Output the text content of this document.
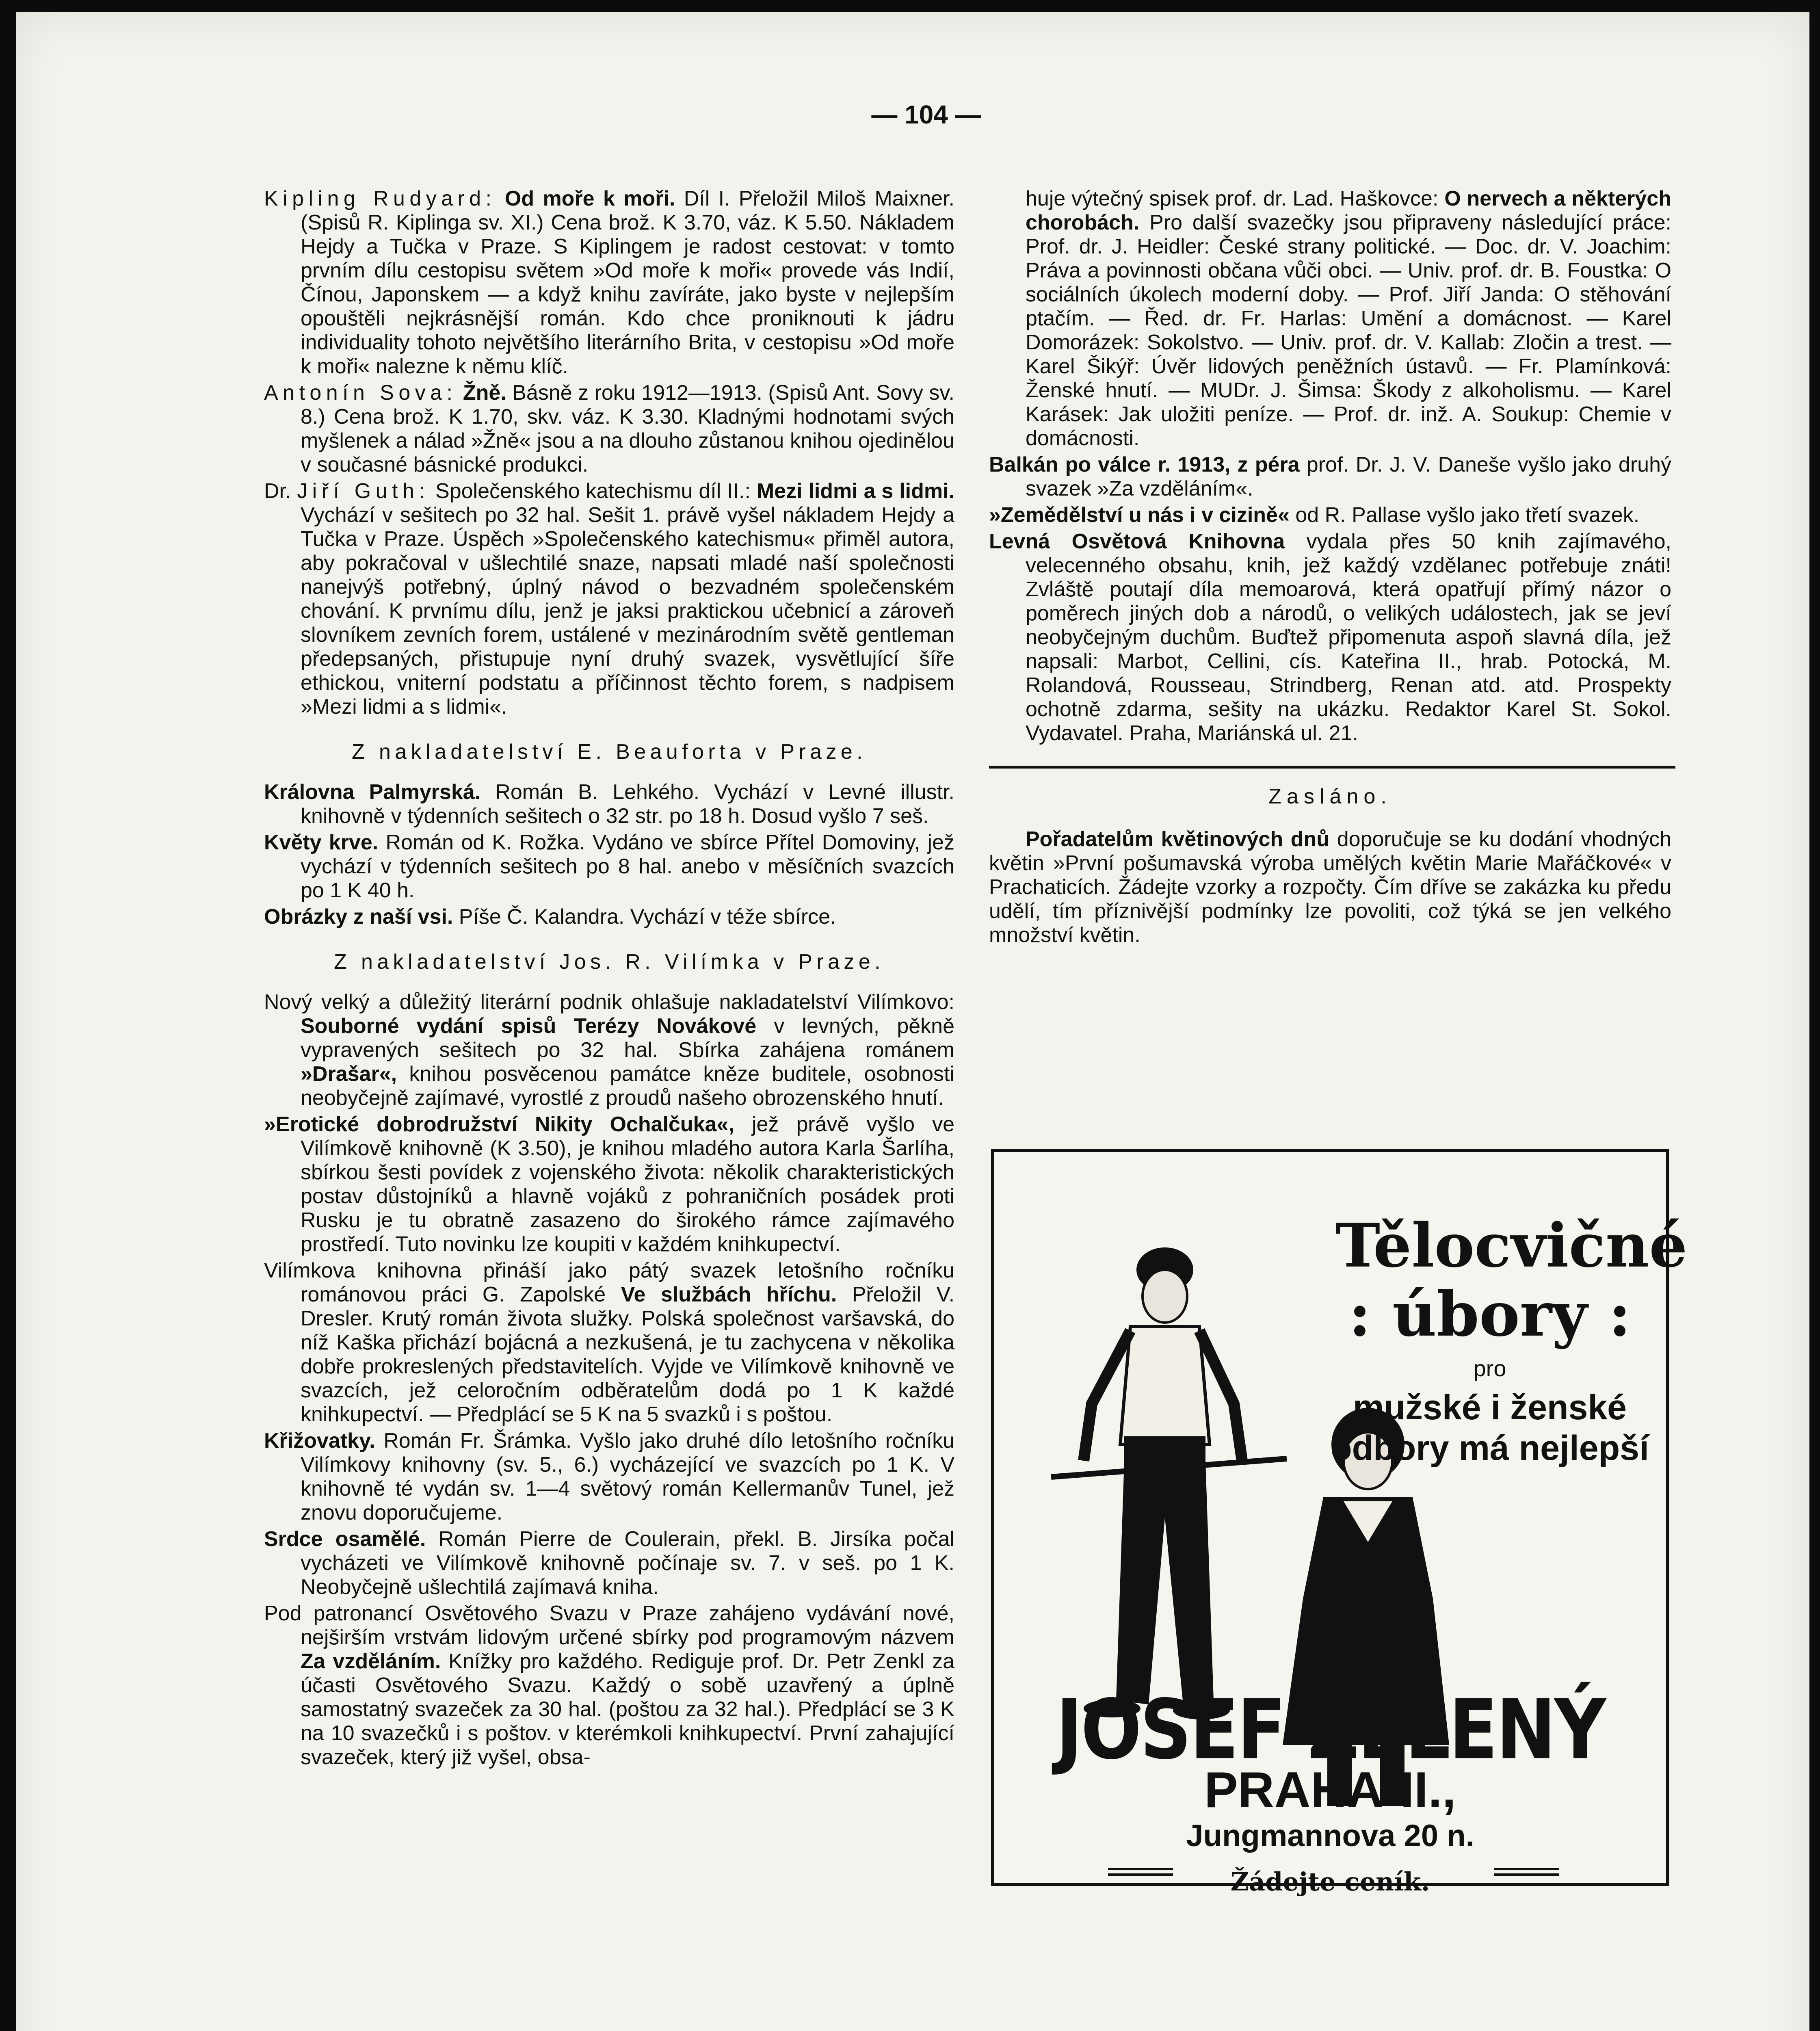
— 104 —

Kipling Rudyard: Od moře k moři. Díl I. Přeložil Miloš Maixner. (Spisů R. Kiplinga sv. XI.) Cena brož. K 3.70, váz. K 5.50. Nákladem Hejdy a Tučka v Praze. S Kiplingem je radost cestovat: v tomto prvním dílu cestopisu světem »Od moře k moři« provede vás Indií, Čínou, Japonskem — a když knihu zavíráte, jako byste v nejlepším opouštěli nejkrásnější román. Kdo chce proniknouti k jádru individuality tohoto největšího literárního Brita, v cestopisu »Od moře k moři« nalezne k němu klíč.

Antonín Sova: Žně. Básně z roku 1912—1913. (Spisů Ant. Sovy sv. 8.) Cena brož. K 1.70, skv. váz. K 3.30. Kladnými hodnotami svých myšlenek a nálad »Žně« jsou a na dlouho zůstanou knihou ojedinělou v současné básnické produkci.

Dr. Jiří Guth: Společenského katechismu díl II.: Mezi lidmi a s lidmi. Vychází v sešitech po 32 hal. Sešit 1. právě vyšel nákladem Hejdy a Tučka v Praze. Úspěch »Společenského katechismu« přiměl autora, aby pokračoval v ušlechtilé snaze, napsati mladé naší společnosti nanejvýš potřebný, úplný návod o bezvadném společenském chování. K prvnímu dílu, jenž je jaksi praktickou učebnicí a zároveň slovníkem zevních forem, ustálené v mezinárodním světě gentleman předepsaných, přistupuje nyní druhý svazek, vysvětlující šíře ethickou, vniterní podstatu a příčinnost těchto forem, s nadpisem »Mezi lidmi a s lidmi«.

Z nakladatelství E. Beauforta v Praze.

Královna Palmyrská. Román B. Lehkého. Vychází v Levné illustr. knihovně v týdenních sešitech o 32 str. po 18 h. Dosud vyšlo 7 seš.

Květy krve. Román od K. Rožka. Vydáno ve sbírce Přítel Domoviny, jež vychází v týdenních sešitech po 8 hal. anebo v měsíčních svazcích po 1 K 40 h.

Obrázky z naší vsi. Píše Č. Kalandra. Vychází v téže sbírce.

Z nakladatelství Jos. R. Vilímka v Praze.

Nový velký a důležitý literární podnik ohlašuje nakladatelství Vilímkovo: Souborné vydání spisů Terézy Novákové v levných, pěkně vypravených sešitech po 32 hal. Sbírka zahájena románem »Drašar«, knihou posvěcenou památce kněze buditele, osobnosti neobyčejně zajímavé, vyrostlé z proudů našeho obrozenského hnutí.

»Erotické dobrodružství Nikity Ochalčuka«, jež právě vyšlo ve Vilímkově knihovně (K 3.50), je knihou mladého autora Karla Šarlíha, sbírkou šesti povídek z vojenského života: několik charakteristických postav důstojníků a hlavně vojáků z pohraničních posádek proti Rusku je tu obratně zasazeno do širokého rámce zajímavého prostředí. Tuto novinku lze koupiti v každém knihkupectví.

Vilímkova knihovna přináší jako pátý svazek letošního ročníku románovou práci G. Zapolské Ve službách hříchu. Přeložil V. Dresler. Krutý román života služky. Polská společnost varšavská, do níž Kaška přichází bojácná a nezkušená, je tu zachycena v několika dobře prokreslených představitelích. Vyjde ve Vilímkově knihovně ve svazcích, jež celoročním odběratelům dodá po 1 K každé knihkupectví. — Předplácí se 5 K na 5 svazků i s poštou.

Křižovatky. Román Fr. Šrámka. Vyšlo jako druhé dílo letošního ročníku Vilímkovy knihovny (sv. 5., 6.) vycházející ve svazcích po 1 K. V knihovně té vydán sv. 1—4 světový román Kellermanův Tunel, jež znovu doporučujeme.

Srdce osamělé. Román Pierre de Coulerain, překl. B. Jirsíka počal vycházeti ve Vilímkově knihovně počínaje sv. 7. v seš. po 1 K. Neobyčejně ušlechtilá zajímavá kniha.

Pod patronancí Osvětového Svazu v Praze zahájeno vydávání nové, nejširším vrstvám lidovým určené sbírky pod programovým názvem Za vzděláním. Knížky pro každého. Rediguje prof. Dr. Petr Zenkl za účasti Osvětového Svazu. Každý o sobě uzavřený a úplně samostatný svazeček za 30 hal. (poštou za 32 hal.). Předplácí se 3 K na 10 svazečků i s poštov. v kterémkoli knihkupectví. První zahajující svazeček, který již vyšel, obsa-

huje výtečný spisek prof. dr. Lad. Haškovce: O nervech a některých chorobách. Pro další svazečky jsou připraveny následující práce: Prof. dr. J. Heidler: České strany politické. — Doc. dr. V. Joachim: Práva a povinnosti občana vůči obci. — Univ. prof. dr. B. Foustka: O sociálních úkolech moderní doby. — Prof. Jiří Janda: O stěhování ptačím. — Řed. dr. Fr. Harlas: Umění a domácnost. — Karel Domorázek: Sokolstvo. — Univ. prof. dr. V. Kallab: Zločin a trest. — Karel Šikýř: Úvěr lidových peněžních ústavů. — Fr. Plamínková: Ženské hnutí. — MUDr. J. Šimsa: Škody z alkoholismu. — Karel Karásek: Jak uložiti peníze. — Prof. dr. inž. A. Soukup: Chemie v domácnosti.

Balkán po válce r. 1913, z péra prof. Dr. J. V. Daneše vyšlo jako druhý svazek »Za vzděláním«.

»Zemědělství u nás i v cizině« od R. Pallase vyšlo jako třetí svazek.

Levná Osvětová Knihovna vydala přes 50 knih zajímavého, velecenného obsahu, knih, jež každý vzdělanec potřebuje znáti! Zvláště poutají díla memoarová, která opatřují přímý názor o poměrech jiných dob a národů, o velikých událostech, jak se jeví neobyčejným duchům. Buďtež připomenuta aspoň slavná díla, jež napsali: Marbot, Cellini, cís. Kateřina II., hrab. Potocká, M. Rolandová, Rousseau, Strindberg, Renan atd. atd. Prospekty ochotně zdarma, sešity na ukázku. Redaktor Karel St. Sokol. Vydavatel. Praha, Mariánská ul. 21.

Zasláno.

Pořadatelům květinových dnů doporučuje se ku dodání vhodných květin »První pošumavská výroba umělých květin Marie Mařáčkové« v Prachaticích. Žádejte vzorky a rozpočty. Čím dříve se zakázka ku předu udělí, tím příznivější podmínky lze povoliti, což týká se jen velkého množství květin.

Tělocvičné
: úbory :
pro
mužské i ženské
odbory má nejlepší
bratr
JOSEF ZELENÝ
PRAHA-II.,
Jungmannova 20 n.
Žádejte ceník.
